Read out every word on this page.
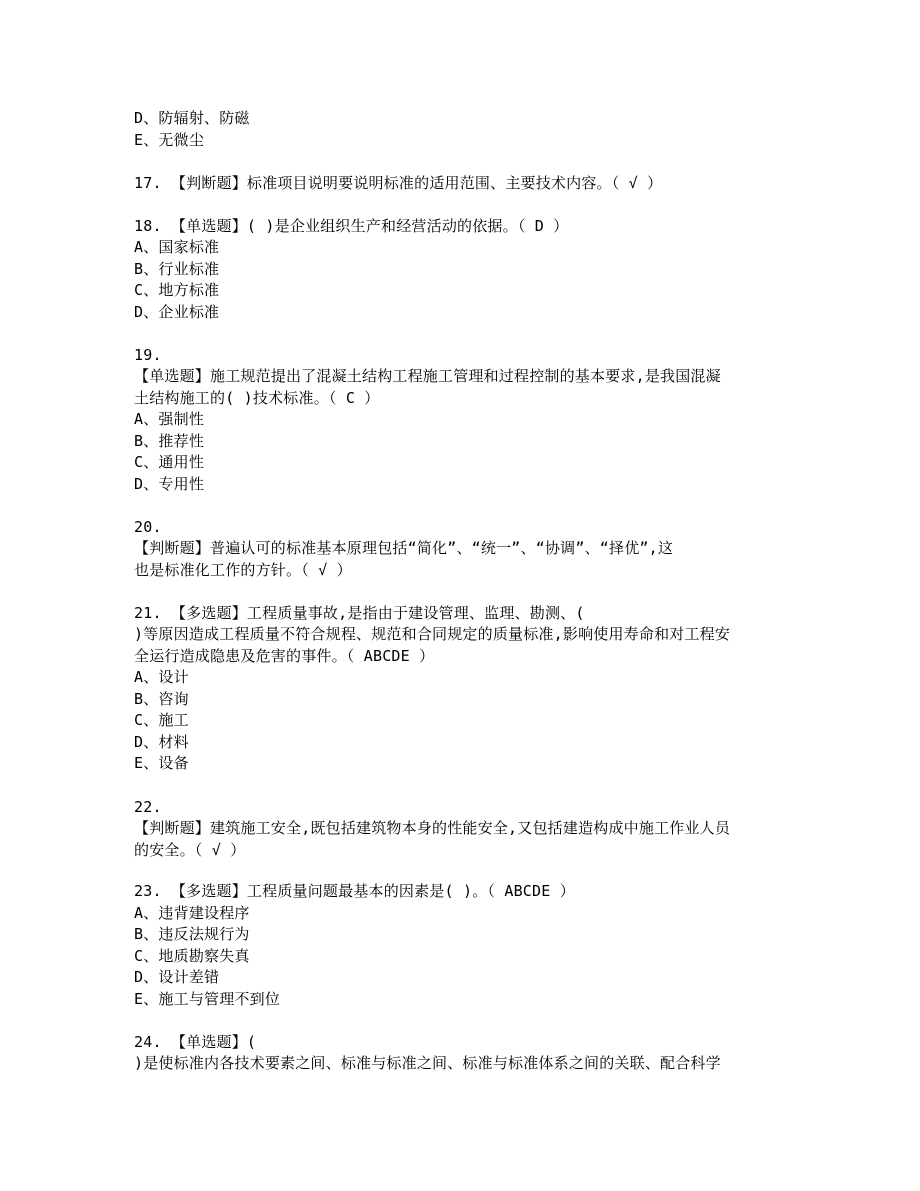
D、防辐射、防磁
E、无微尘
17. 【判断题】标准项目说明要说明标准的适用范围、主要技术内容。（ √ ）
18. 【单选题】( )是企业组织生产和经营活动的依据。（ D ）
A、国家标准
B、行业标准
C、地方标准
D、企业标准
19.
【单选题】施工规范提出了混凝土结构工程施工管理和过程控制的基本要求,是我国混凝
土结构施工的( )技术标准。（ C ）
A、强制性
B、推荐性
C、通用性
D、专用性
20.
【判断题】普遍认可的标准基本原理包括“简化”、“统一”、“协调”、“择优”,这
也是标准化工作的方针。（ √ ）
21. 【多选题】工程质量事故,是指由于建设管理、监理、勘测、(
)等原因造成工程质量不符合规程、规范和合同规定的质量标准,影响使用寿命和对工程安
全运行造成隐患及危害的事件。（ ABCDE ）
A、设计
B、咨询
C、施工
D、材料
E、设备
22.
【判断题】建筑施工安全,既包括建筑物本身的性能安全,又包括建造构成中施工作业人员
的安全。（ √ ）
23. 【多选题】工程质量问题最基本的因素是( )。（ ABCDE ）
A、违背建设程序
B、违反法规行为
C、地质勘察失真
D、设计差错
E、施工与管理不到位
24. 【单选题】(
)是使标准内各技术要素之间、标准与标准之间、标准与标准体系之间的关联、配合科学
